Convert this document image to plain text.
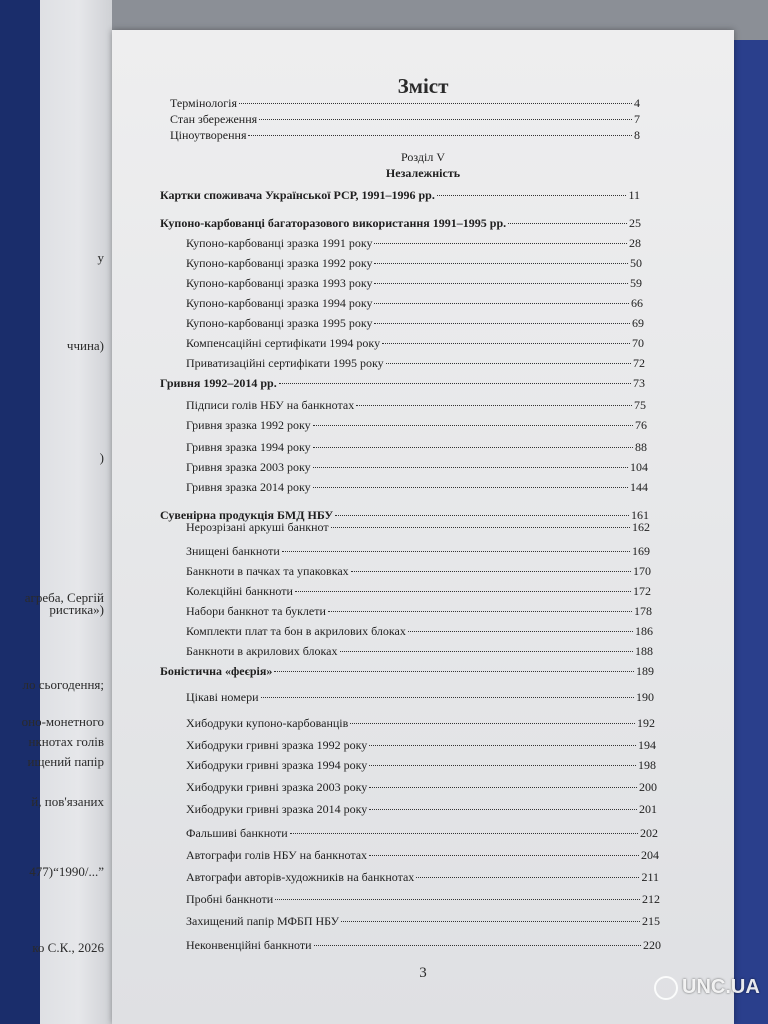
у
ччина)
)
агреба, Сергій
ристика»)
ло сьогодення;
оно-монетного
нкнотах голів
ищений папір
й, пов'язаних
477)“1990/...”
ко С.К., 2026
Зміст
3
Термінологія	4
Стан збереження	7
Ціноутворення	8
Розділ V
Незалежність
Картки споживача Української РСР, 1991–1996 рр.	11
Купоно-карбованці багаторазового використання 1991–1995 рр.	25
Купоно-карбованці зразка 1991 року	28
Купоно-карбованці зразка 1992 року	50
Купоно-карбованці зразка 1993 року	59
Купоно-карбованці зразка 1994 року	66
Купоно-карбованці зразка 1995 року	69
Компенсаційні сертифікати 1994 року	70
Приватизаційні сертифікати 1995 року	72
Гривня 1992–2014 рр.	73
Підписи голів НБУ на банкнотах	75
Гривня зразка 1992 року	76
Гривня зразка 1994 року	88
Гривня зразка 2003 року	104
Гривня зразка 2014 року	144
Сувенірна продукція БМД НБУ	161
Нерозрізані аркуші банкнот	162
Знищені банкноти	169
Банкноти в пачках та упаковках	170
Колекційні банкноти	172
Набори банкнот та буклети	178
Комплекти плат та бон в акрилових блоках	186
Банкноти в акрилових блоках	188
Боністична «феєрія»	189
Цікаві номери	190
Хибодруки купоно-карбованців	192
Хибодруки гривні зразка 1992 року	194
Хибодруки гривні зразка 1994 року	198
Хибодруки гривні зразка 2003 року	200
Хибодруки гривні зразка 2014 року	201
Фальшиві банкноти	202
Автографи голів НБУ на банкнотах	204
Автографи авторів-художників на банкнотах	211
Пробні банкноти	212
Захищений папір МФБП НБУ	215
Неконвенційні банкноти	220
UNC.UA
